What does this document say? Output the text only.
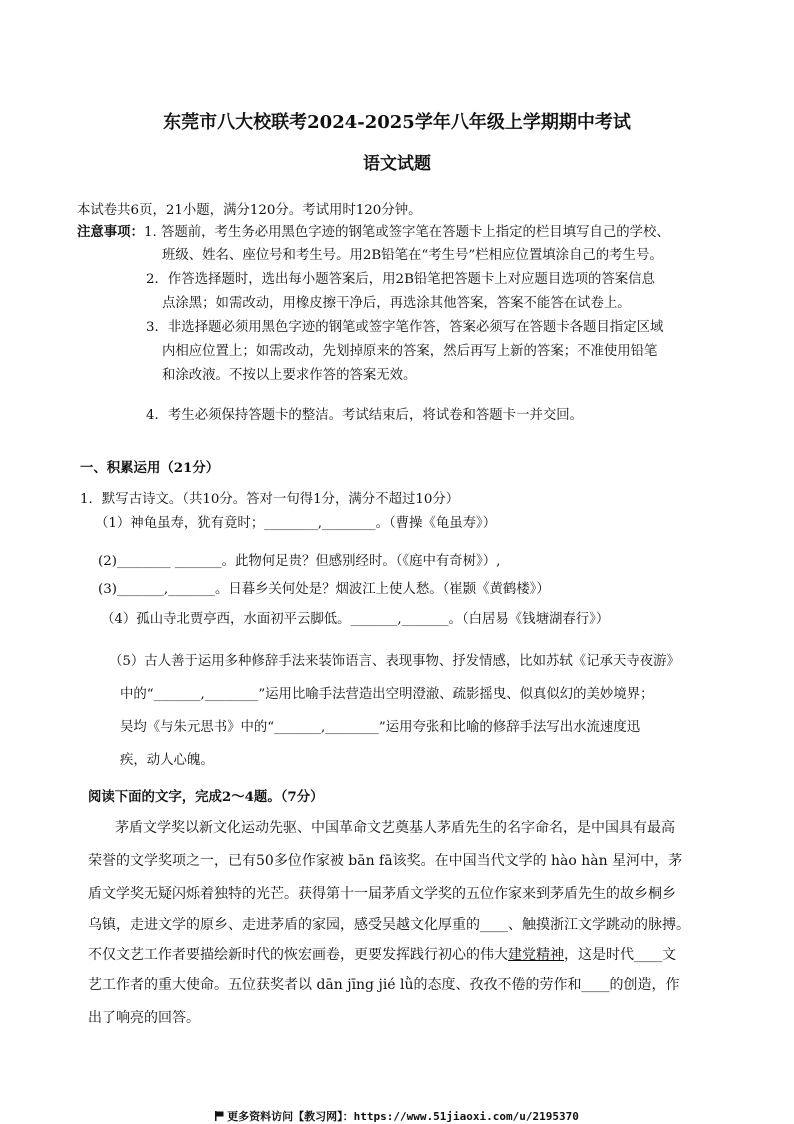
东莞市八大校联考2024-2025学年八年级上学期期中考试
语文试题
本试卷共6页，21小题，满分120分。考试用时120分钟。
注意事项：1. 答题前，考生务必用黑色字迹的钢笔或签字笔在答题卡上指定的栏目填写自己的学校、
班级、姓名、座位号和考生号。用2B铅笔在“考生号”栏相应位置填涂自己的考生号。
2．作答选择题时，选出每小题答案后，用2B铅笔把答题卡上对应题目选项的答案信息
点涂黑；如需改动，用橡皮擦干净后，再选涂其他答案，答案不能答在试卷上。
3．非选择题必须用黑色字迹的钢笔或签字笔作答，答案必须写在答题卡各题目指定区域
内相应位置上；如需改动，先划掉原来的答案，然后再写上新的答案；不准使用铅笔
和涂改液。不按以上要求作答的答案无效。
4．考生必须保持答题卡的整洁。考试结束后，将试卷和答题卡一并交回。
一、积累运用（21分）
1．默写古诗文。（共10分。答对一句得1分，满分不超过10分）
（1）神龟虽寿，犹有竟时；________,________。（曹操《龟虽寿》）
(2)________ _______。此物何足贵？但感别经时。（《庭中有奇树》）,
(3)_______,_______。日暮乡关何处是？烟波江上使人愁。（崔颢《黄鹤楼》）
（4）孤山寺北贾亭西，水面初平云脚低。_______,_______。（白居易《钱塘湖春行》）
（5）古人善于运用多种修辞手法来装饰语言、表现事物、抒发情感，比如苏轼《记承天寺夜游》
中的“_______,________”运用比喻手法营造出空明澄澈、疏影摇曳、似真似幻的美妙境界；
吴均《与朱元思书》中的“_______,________”运用夸张和比喻的修辞手法写出水流速度迅
疾，动人心魄。
阅读下面的文字，完成2～4题。（7分）
茅盾文学奖以新文化运动先驱、中国革命文艺奠基人茅盾先生的名字命名，是中国具有最高
荣誉的文学奖项之一，已有50多位作家被 bān fā该奖。在中国当代文学的 hào hàn 星河中，茅
盾文学奖无疑闪烁着独特的光芒。获得第十一届茅盾文学奖的五位作家来到茅盾先生的故乡桐乡
乌镇，走进文学的原乡、走进茅盾的家园，感受吴越文化厚重的____、触摸浙江文学跳动的脉搏。
不仅文艺工作者要描绘新时代的恢宏画卷，更要发挥践行初心的伟大建党精神，这是时代____文
艺工作者的重大使命。五位获奖者以 dān jīng jié lǜ的态度、孜孜不倦的劳作和____的创造，作
出了响亮的回答。
更多资料访问【教习网】：https://www.51jiaoxi.com/u/2195370
